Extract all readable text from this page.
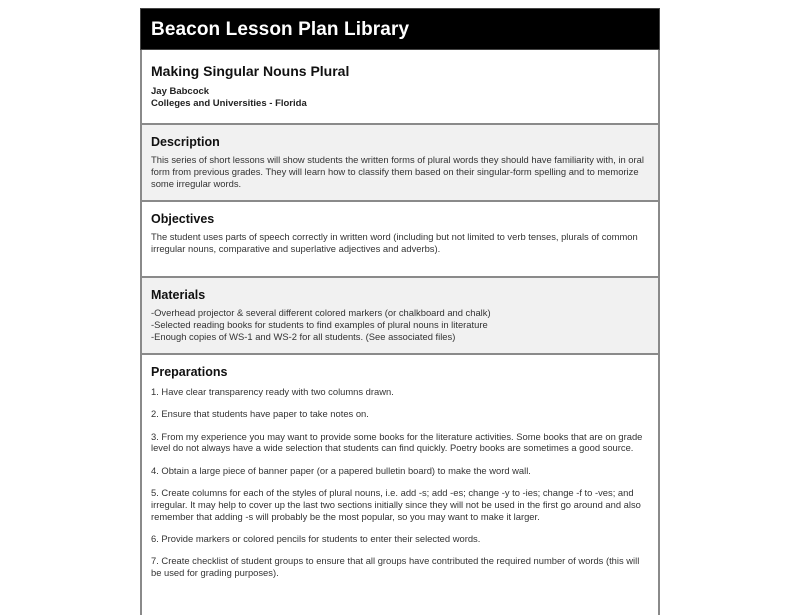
Beacon Lesson Plan Library
Making Singular Nouns Plural
Jay Babcock
Colleges and Universities - Florida
Description

This series of short lessons will show students the written forms of plural words they should have familiarity with, in oral form from previous grades. They will learn how to classify them based on their singular-form spelling and to memorize some irregular words.

Objectives

The student uses parts of speech correctly in written word (including but not limited to verb tenses, plurals of common irregular nouns, comparative and superlative adjectives and adverbs).

Materials

-Overhead projector & several different colored markers (or chalkboard and chalk)
-Selected reading books for students to find examples of plural nouns in literature
-Enough copies of WS-1 and WS-2 for all students. (See associated files)

Preparations

1. Have clear transparency ready with two columns drawn.

2. Ensure that students have paper to take notes on.

3. From my experience you may want to provide some books for the literature activities. Some books that are on grade level do not always have a wide selection that students can find quickly. Poetry books are sometimes a good source.

4. Obtain a large piece of banner paper (or a papered bulletin board) to make the word wall.

5. Create columns for each of the styles of plural nouns, i.e. add -s; add -es; change -y to -ies; change -f to -ves; and irregular. It may help to cover up the last two sections initially since they will not be used in the first go around and also remember that adding -s will probably be the most popular, so you may want to make it larger.

6. Provide markers or colored pencils for students to enter their selected words.

7. Create checklist of student groups to ensure that all groups have contributed the required number of words (this will be used for grading purposes).
